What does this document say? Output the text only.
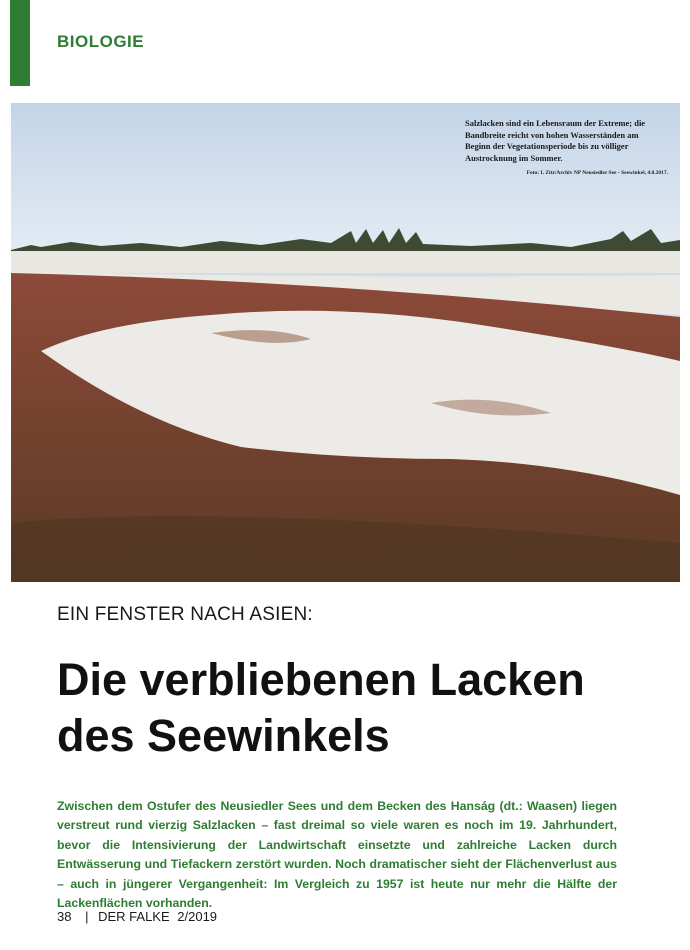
BIOLOGIE
Salzlacken sind ein Lebensraum der Extreme; die Bandbreite reicht von hohen Wasserständen am Beginn der Vegetationsperiode bis zu völliger Austrocknung im Sommer.
Foto: I. Zitz/Archiv NP Neusiedler See - Seewinkel, 4.8.2017.
EIN FENSTER NACH ASIEN:
Die verbliebenen Lacken
des Seewinkels
Zwischen dem Ostufer des Neusiedler Sees und dem Becken des Hanság (dt.: Waasen) liegen verstreut rund vierzig Salzlacken – fast dreimal so viele waren es noch im 19. Jahrhundert, bevor die Intensivierung der Landwirtschaft einsetzte und zahlreiche Lacken durch Entwässerung und Tiefackern zerstört wurden. Noch dramatischer sieht der Flächenverlust aus – auch in jüngerer Vergangenheit: Im Vergleich zu 1957 ist heute nur mehr die Hälfte der Lackenflächen vorhanden.
38 | DER FALKE 2/2019
